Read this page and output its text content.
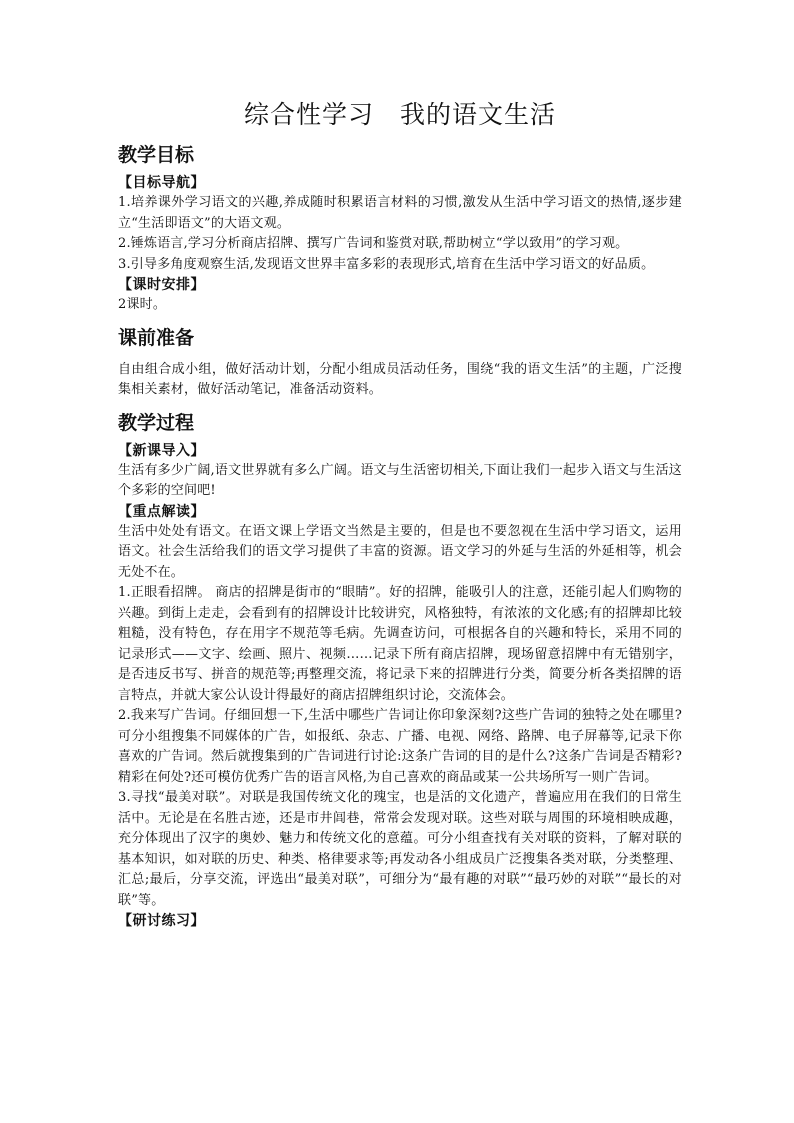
综合性学习　我的语文生活
教学目标
【目标导航】
1.培养课外学习语文的兴趣,养成随时积累语言材料的习惯,激发从生活中学习语文的热情,逐步建立“生活即语文”的大语文观。
2.锤炼语言,学习分析商店招牌、撰写广告词和鉴赏对联,帮助树立“学以致用”的学习观。
3.引导多角度观察生活,发现语文世界丰富多彩的表现形式,培育在生活中学习语文的好品质。
【课时安排】
2课时。
课前准备
自由组合成小组，做好活动计划，分配小组成员活动任务，围绕“我的语文生活”的主题，广泛搜集相关素材，做好活动笔记，准备活动资料。
教学过程
【新课导入】
生活有多少广阔,语文世界就有多么广阔。语文与生活密切相关,下面让我们一起步入语文与生活这个多彩的空间吧!
【重点解读】
生活中处处有语文。在语文课上学语文当然是主要的，但是也不要忽视在生活中学习语文，运用语文。社会生活给我们的语文学习提供了丰富的资源。语文学习的外延与生活的外延相等，机会无处不在。
1.正眼看招牌。 商店的招牌是街市的“眼睛”。好的招牌，能吸引人的注意，还能引起人们购物的兴趣。到街上走走，会看到有的招牌设计比较讲究，风格独特，有浓浓的文化感;有的招牌却比较粗糙，没有特色，存在用字不规范等毛病。先调查访问，可根据各自的兴趣和特长，采用不同的记录形式——文字、绘画、照片、视频……记录下所有商店招牌，现场留意招牌中有无错别字，是否违反书写、拼音的规范等;再整理交流，将记录下来的招牌进行分类，简要分析各类招牌的语言特点，并就大家公认设计得最好的商店招牌组织讨论，交流体会。
2.我来写广告词。仔细回想一下,生活中哪些广告词让你印象深刻?这些广告词的独特之处在哪里?可分小组搜集不同媒体的广告，如报纸、杂志、广播、电视、网络、路牌、电子屏幕等,记录下你喜欢的广告词。然后就搜集到的广告词进行讨论:这条广告词的目的是什么?这条广告词是否精彩?精彩在何处?还可模仿优秀广告的语言风格,为自己喜欢的商品或某一公共场所写一则广告词。
3.寻找“最美对联”。对联是我国传统文化的瑰宝，也是活的文化遗产，普遍应用在我们的日常生活中。无论是在名胜古迹，还是市井闾巷，常常会发现对联。这些对联与周围的环境相映成趣，充分体现出了汉字的奥妙、魅力和传统文化的意蕴。可分小组查找有关对联的资料，了解对联的基本知识，如对联的历史、种类、格律要求等;再发动各小组成员广泛搜集各类对联，分类整理、汇总;最后，分享交流，评选出“最美对联”，可细分为“最有趣的对联”“最巧妙的对联”“最长的对联”等。
【研讨练习】
